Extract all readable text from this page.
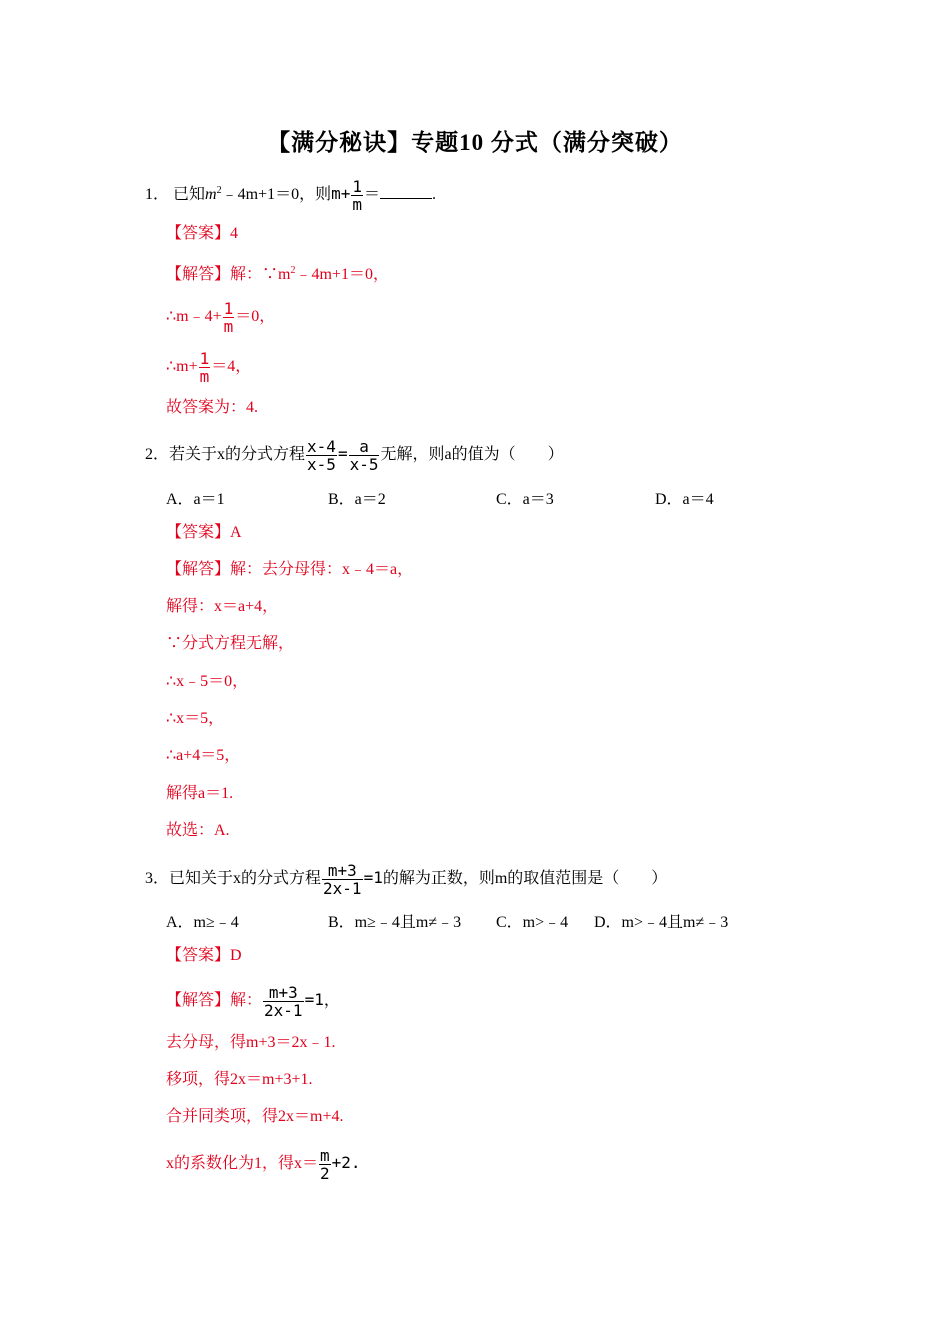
【满分秘诀】专题10 分式（满分突破）
1． 已知$m^2﹣4m+1=0$，则$m+ \frac{1}{m}$ ＝	.
【答案】4
【解答】解：$\because m^2﹣4m+1=0$，
∴m﹣4+ $\frac{1}{m} =0$，
∴m+ $\frac{1}{m} =4$，
故答案为：4.
2．若关于x的分式方程 $\frac{x-4}{x-5} = \frac{a}{x-5}$ 无解，则a的值为（　　）
A．a＝1	B．a＝2	C．a＝3	D．a＝4
【答案】A
【解答】解：去分母得：x﹣4＝a，
解得：x＝a+4，
∵分式方程无解，
∴x﹣5＝0，
∴x＝5，
∴a+4＝5，
解得a＝1.
故选：A.
3．已知关于x的分式方程 $\frac{m+3}{2x-1} =1$的解为正数，则m的取值范围是（　　）
A．m≥﹣4	B．m≥﹣4且m≠﹣3 C．m>﹣4 D．m>﹣4且m≠﹣3
【答案】D
【解答】解： $\frac{m+3}{2x-1} =1$，
去分母，得m+3＝2x﹣1.
移项，得2x＝m+3+1.
合并同类项，得2x＝m+4.
x的系数化为1，得$x= \frac{m}{2} +2$.
